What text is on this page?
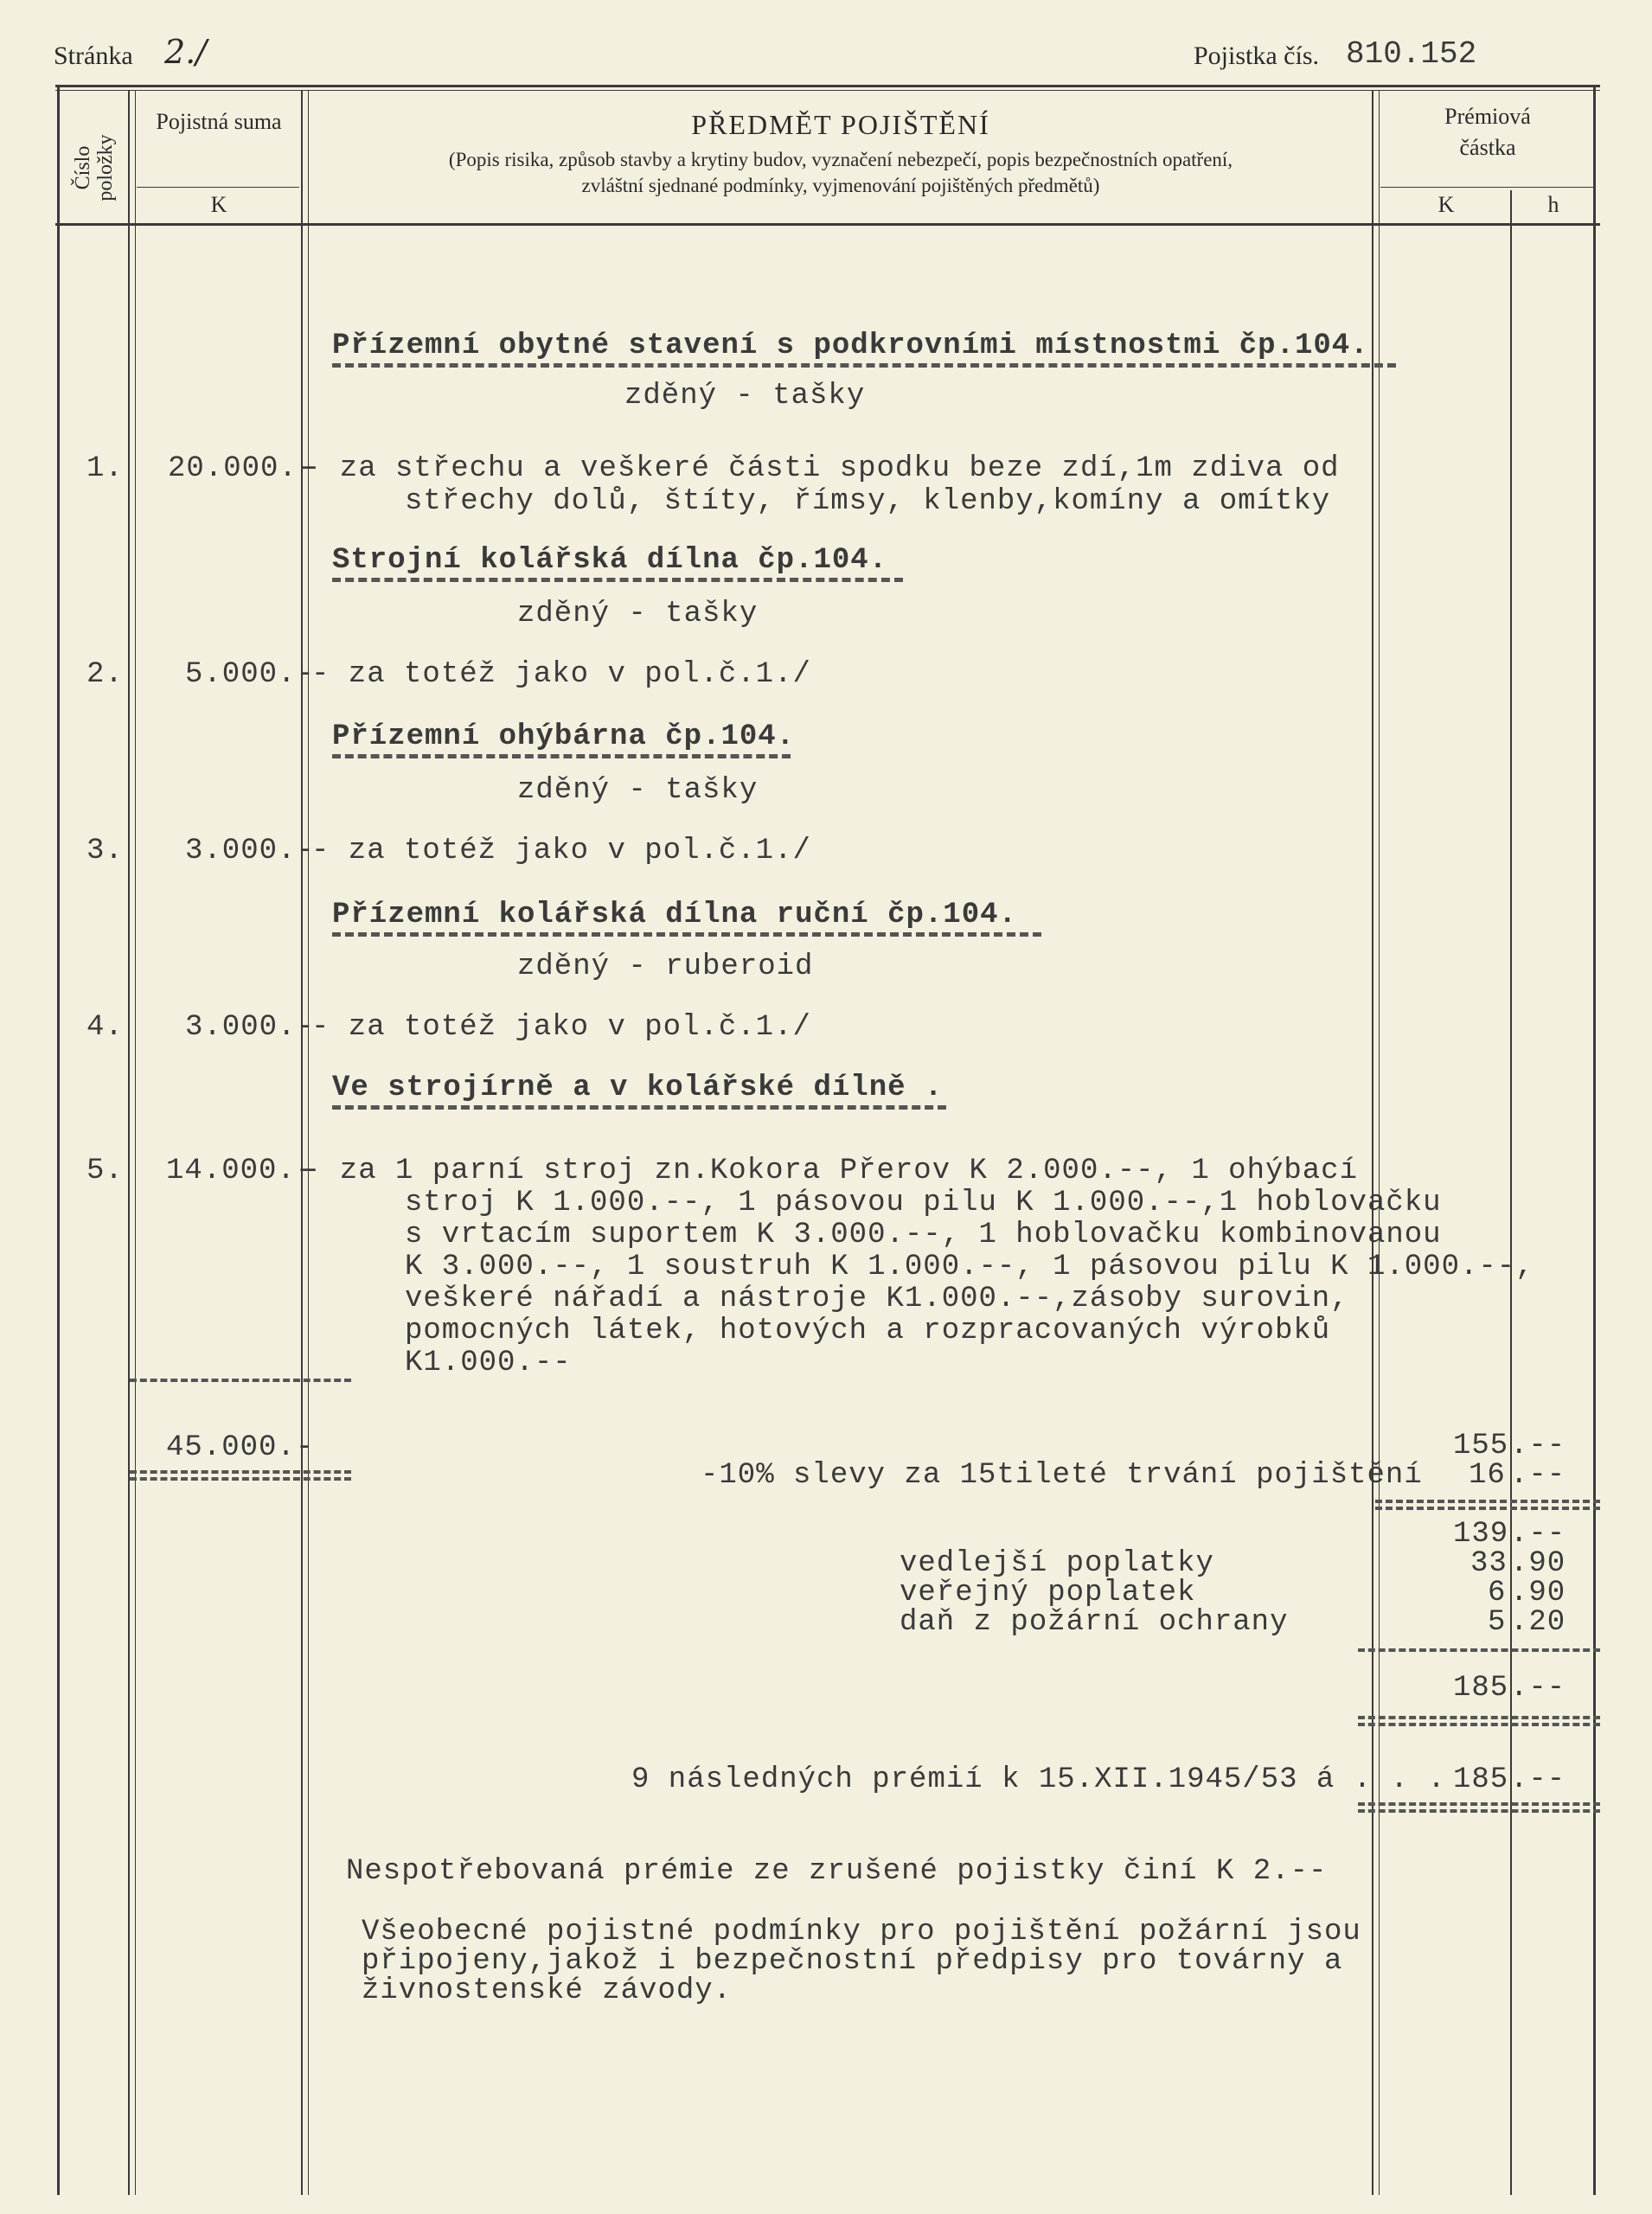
Stránka 2./	Pojistka čís. 810.152
Číslo položky
Pojistná suma
K
PŘEDMĚT POJIŠTĚNÍ
(Popis risika, způsob stavby a krytiny budov, vyznačení nebezpečí, popis bezpečnostních opatření,
zvláštní sjednané podmínky, vyjmenování pojištěných předmětů)
Prémiová
částka
K	h
Přízemní obytné stavení s podkrovními místnostmi čp.104.
zděný - tašky
1. 20.000.-
- za střechu a veškeré části spodku beze zdí,1m zdiva od
střechy dolů, štíty, římsy, klenby,komíny a omítky
Strojní kolářská dílna čp.104.
zděný - tašky
2. 5.000.-
- za totéž jako v pol.č.1./
Přízemní ohýbárna čp.104.
zděný - tašky
3. 3.000.-
- za totéž jako v pol.č.1./
Přízemní kolářská dílna ruční čp.104.
zděný - ruberoid
4. 3.000.-
- za totéž jako v pol.č.1./
Ve strojírně a v kolářské dílně .
5. 14.000.-
- za 1 parní stroj zn.Kokora Přerov K 2.000.--, 1 ohýbací
stroj K 1.000.--, 1 pásovou pilu K 1.000.--,1 hoblovačku
s vrtacím suportem K 3.000.--, 1 hoblovačku kombinovanou
K 3.000.--, 1 soustruh K 1.000.--, 1 pásovou pilu K 1.000.--,
veškeré nářadí a nástroje K1.000.--,zásoby surovin,
pomocných látek, hotových a rozpracovaných výrobků
K1.000.--
45.000.-	155 .--
-10% slevy za 15tileté trvání pojištění 16 .--
139 .--
vedlejší poplatky	33 .90
veřejný poplatek	6 .90
daň z požární ochrany	5 .20
185 .--
9 následných prémií k 15.XII.1945/53 á . . . 185 .--
Nespotřebovaná prémie ze zrušené pojistky činí K 2.--
Všeobecné pojistné podmínky pro pojištění požární jsou
připojeny,jakož i bezpečnostní předpisy pro továrny a
živnostenské závody.
